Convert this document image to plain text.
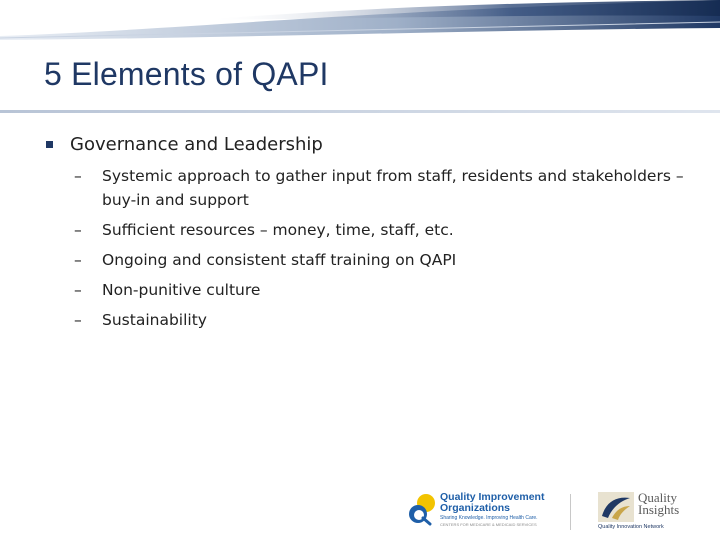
5 Elements of QAPI
Governance and Leadership
– Systemic approach to gather input from staff, residents and stakeholders – buy-in and support
– Sufficient resources – money, time, staff, etc.
– Ongoing and consistent staff training on QAPI
– Non-punitive culture
– Sustainability
Quality Improvement
Organizations
Sharing Knowledge. Improving Health Care.
CENTERS FOR MEDICARE & MEDICAID SERVICES
Quality
Insights
Quality Innovation Network
